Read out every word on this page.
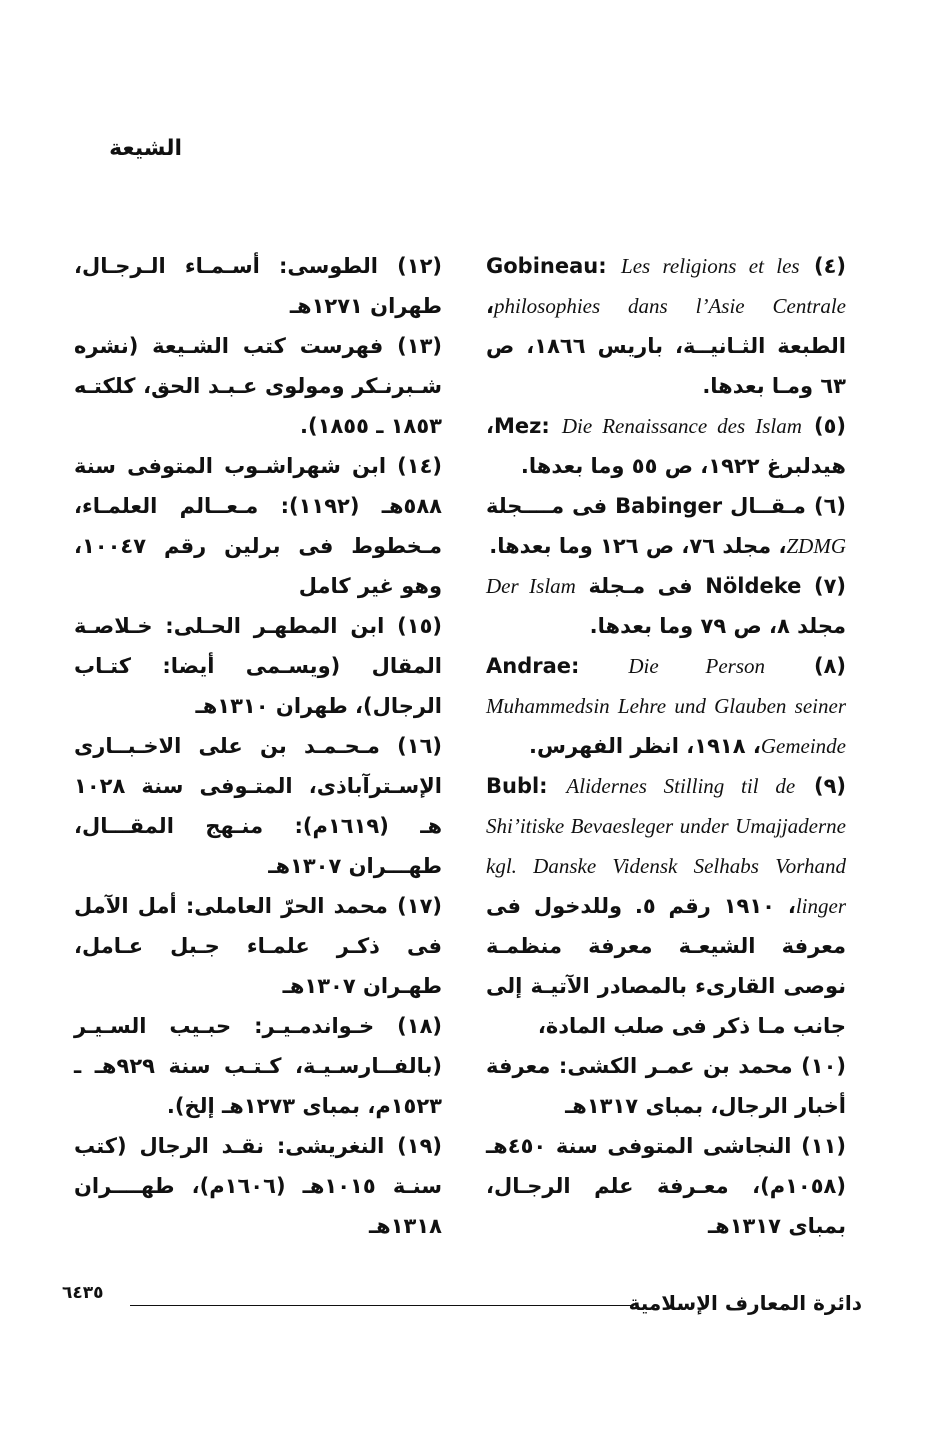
الشيعة
(٤) Gobineau: Les religions et les philosophies dans l’Asie Centrale، الطبعة الثـانيــة، باريس ١٨٦٦، ص ٦٣ ومـا بعدها.
(٥) Mez: Die Renaissance des Islam، هيدلبرغ ١٩٢٢، ص ٥٥ وما بعدها.
(٦) مـقــال Babinger فى مــــجلة ZDMG، مجلد ٧٦، ص ١٢٦ وما بعدها.
(٧) Nöldeke فى مـجلة Der Islam مجلد ٨، ص ٧٩ وما بعدها.
(٨) Andrae: Die Person Muhammedsin Lehre und Glauben seiner Gemeinde، ١٩١٨، انظر الفهرس.
(٩) Bubl: Alidernes Stilling til de Shi’itiske Bevaesleger under Umajjaderne kgl. Danske Vidensk Selhabs Vorhand linger، ١٩١٠ رقم ٥. وللدخول فى معرفة الشيعـة معرفة منظمـة نوصى القارىء بالمصادر الآتيـة إلى جانب مـا ذكر فى صلب المادة،
(١٠) محمد بن عمـر الكشى: معرفة أخبار الرجال، بمباى ١٣١٧هـ
(١١) النجاشى المتوفى سنة ٤٥٠هـ (١٠٥٨م)، معـرفة علم الرجـال، بمباى ١٣١٧هـ
(١٢) الطوسى: أسـمـاء الـرجـال، طهران ١٢٧١هـ
(١٣) فهرست كتب الشـيعة (نشره شـبرنـكر ومولوى عـبـد الحق، كلكتـه ١٨٥٣ ـ ١٨٥٥).
(١٤) ابن شهراشـوب المتوفى سنة ٥٨٨هـ (١١٩٢): مـعــالم العلمـاء، مـخطوط فى برلين رقم ١٠٠٤٧، وهو غير كامل
(١٥) ابن المطهـر الحـلى: خـلاصـة المقال (ويسـمى أيضا: كتـاب الرجال)، طهران ١٣١٠هـ
(١٦) مـحـمـد بن على الاخـبــارى الإسـترآباذى، المتـوفى سنة ١٠٢٨ هـ (١٦١٩م): منـهج المقـــال، طهـــران ١٣٠٧هـ
(١٧) محمد الحرّ العاملى: أمل الآمل فى ذكـر علمـاء جـبل عـامل، طهـران ١٣٠٧هـ
(١٨) خـواندمـيـر: حبـيب السـيـر (بالفــارسـيـة، كـتـب سنة ٩٢٩هـ ـ ١٥٢٣م، بمباى ١٢٧٣هـ إلخ).
(١٩) النغريشى: نقـد الرجال (كتب سنـة ١٠١٥هـ (١٦٠٦م)، طهــــران ١٣١٨هـ
دائرة المعارف الإسلامية
٦٤٣٥
